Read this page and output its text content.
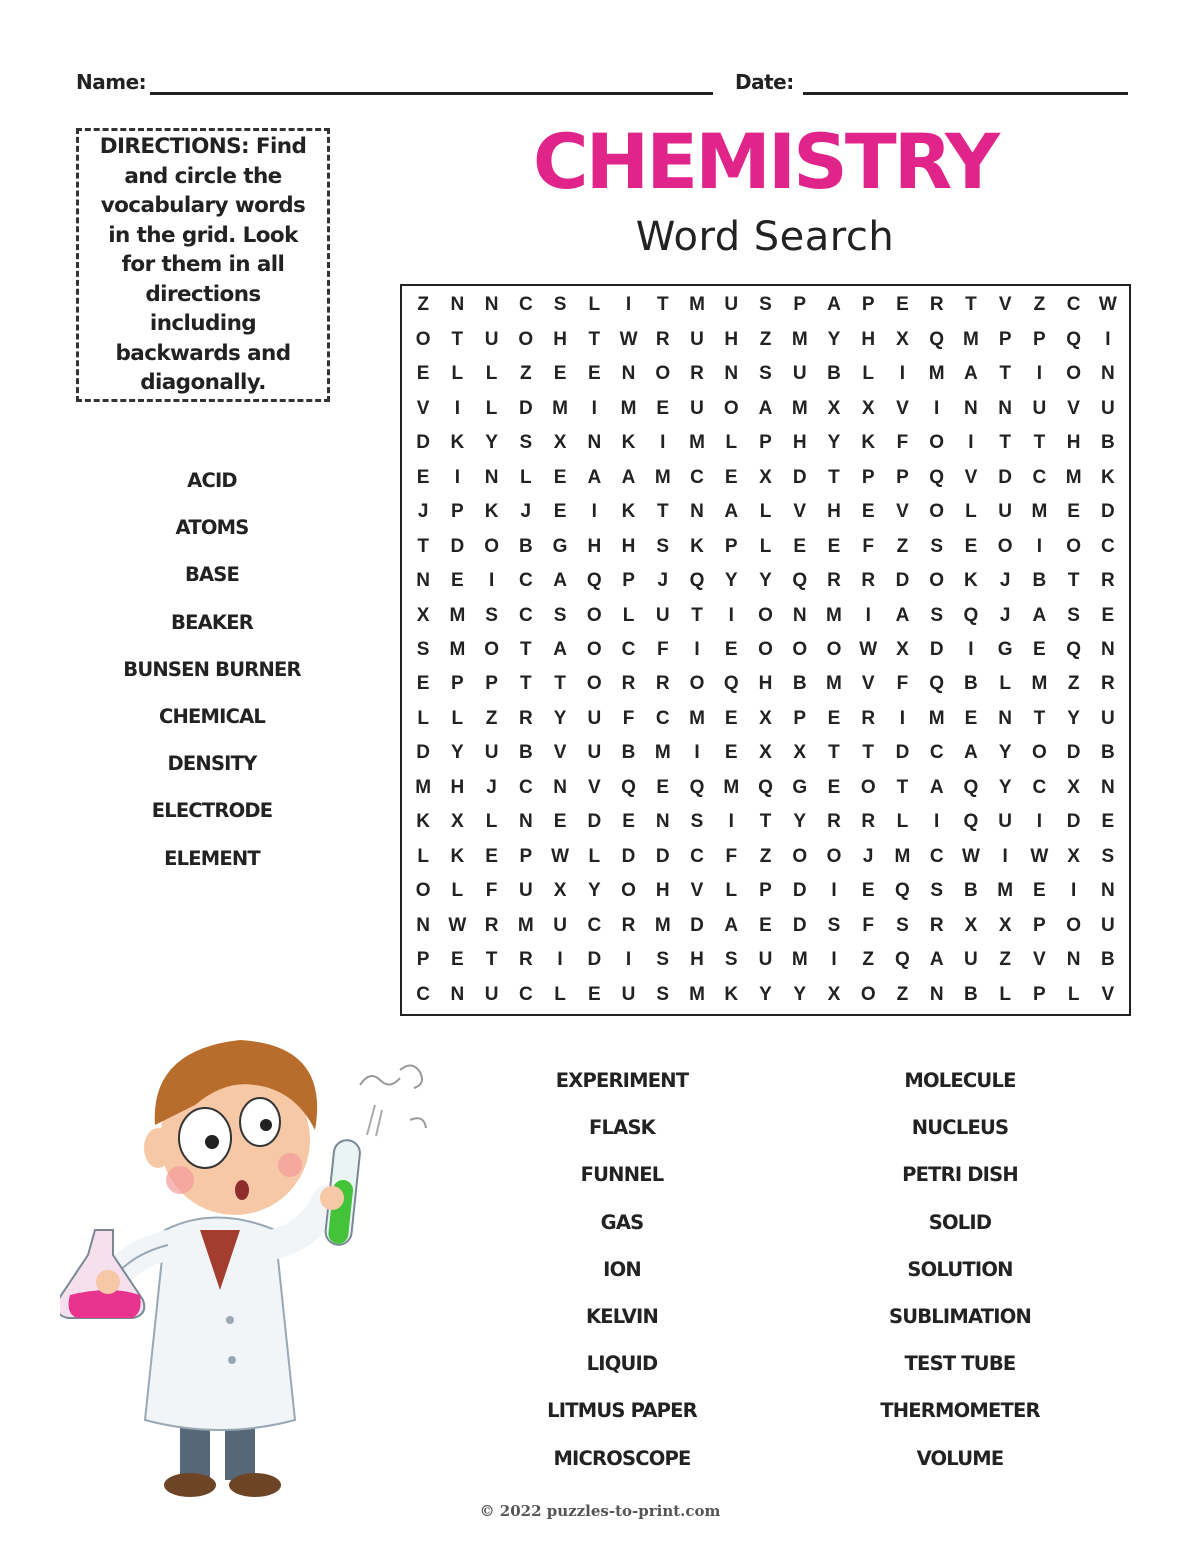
Name:	Date:
DIRECTIONS: Find and circle the vocabulary words in the grid. Look for them in all directions including backwards and diagonally.
CHEMISTRY
Word Search
Z	N	N	C	S	L	I	T	M	U	S	P	A	P	E	R	T	V	Z	C W
O	T	U	O	H	T	W R	U	H	Z	M	Y	H	X	Q M	P	P	Q	I
E	L	L	Z	E	E	N	O	R	N	S	U	B	L	I	M	A	T	I	O	N
V	I	L	D	M	I	M	E	U	O	A	M	X	X	V	I	N	N	U	V	U
D	K	Y	S	X	N	K	I	M	L	P	H	Y	K	F	O	I	T	T	H	B
E	I	N	L	E	A	A	M	C	E	X	D	T	P	P	Q	V	D	C	M	K
J	P	K	J	E	I	K	T	N	A	L	V	H	E	V	O	L	U	M	E	D
T	D	O	B	G	H	H	S	K	P	L	E	E	F	Z	S	E	O	I	O	C
N	E	I	C	A	Q	P	J	Q	Y	Y	Q	R	R	D	O	K	J	B	T	R
X	M	S	C	S	O	L	U	T	I	O	N	M	I	A	S	Q	J	A	S	E
S	M O	T	A	O	C	F	I	E	O	O	O W X	D	I	G	E	Q	N
E	P	P	T	T	O	R	R	O	Q	H	B	M	V	F	Q	B	L	M	Z	R
L	L	Z	R	Y	U	F	C	M	E	X	P	E	R	I	M	E	N	T	Y	U
D	Y	U	B	V	U	B	M	I	E	X	X	T	T	D	C	A	Y	O	D	B
M	H	J	C	N	V	Q	E	Q M Q	G	E	O	T	A	Q	Y	C	X	N
K	X	L	N	E	D	E	N	S	I	T	Y	R	R	L	I	Q	U	I	D	E
L	K	E	P W	L	D	D	C	F	Z	O	O	J	M	C W	I	W X	S
O	L	F	U	X	Y	O	H	V	L	P	D	I	E	Q	S	B	M	E	I	N
N W R	M	U	C	R	M	D	A	E	D	S	F	S	R	X	X	P	O	U
P	E	T	R	I	D	I	S	H	S	U	M	I	Z	Q	A	U	Z	V	N	B
C	N	U	C	L	E	U	S	M	K	Y	Y	X	O	Z	N	B	L	P	L	V
ACID
ATOMS
BASE
BEAKER
BUNSEN BURNER
CHEMICAL
DENSITY
ELECTRODE
ELEMENT
EXPERIMENT
FLASK
FUNNEL
GAS
ION
KELVIN
LIQUID
LITMUS PAPER
MICROSCOPE
MOLECULE
NUCLEUS
PETRI DISH
SOLID
SOLUTION
SUBLIMATION
TEST TUBE
THERMOMETER
VOLUME
© 2022 puzzles-to-print.com
